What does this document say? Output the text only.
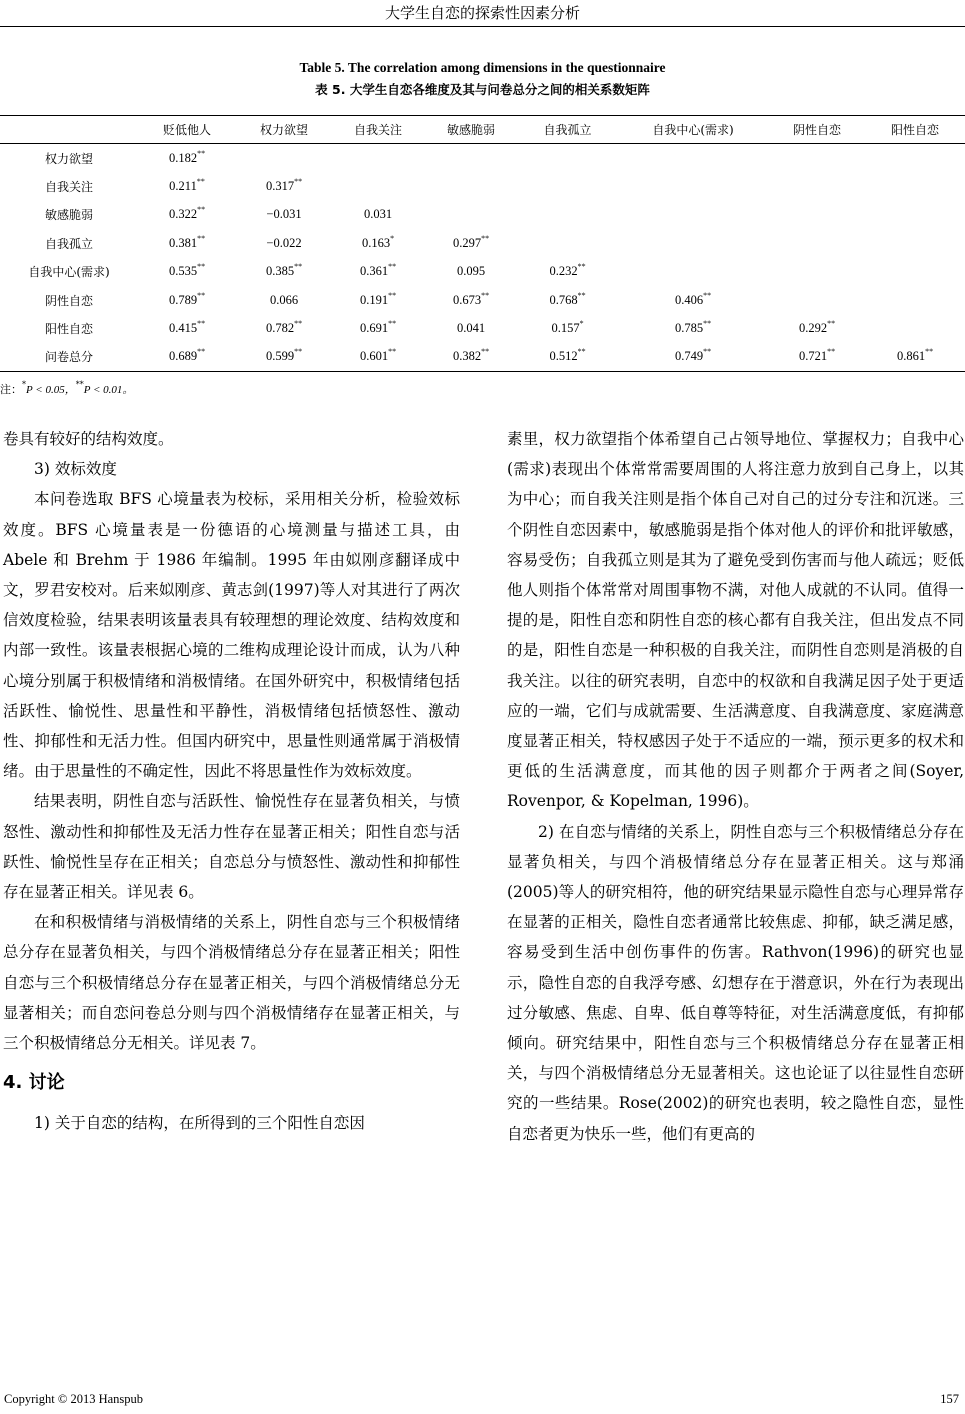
大学生自恋的探索性因素分析
Table 5. The correlation among dimensions in the questionnaire
表 5. 大学生自恋各维度及其与问卷总分之间的相关系数矩阵
	贬低他人	权力欲望	自我关注	敏感脆弱	自我孤立	自我中心(需求)	阴性自恋	阳性自恋
权力欲望	0.182**							
自我关注	0.211**	0.317**						
敏感脆弱	0.322**	−0.031	0.031					
自我孤立	0.381**	−0.022	0.163*	0.297**				
自我中心(需求)	0.535**	0.385**	0.361**	0.095	0.232**			
阴性自恋	0.789**	0.066	0.191**	0.673**	0.768**	0.406**		
阳性自恋	0.415**	0.782**	0.691**	0.041	0.157*	0.785**	0.292**	
问卷总分	0.689**	0.599**	0.601**	0.382**	0.512**	0.749**	0.721**	0.861**
注：*P < 0.05，**P < 0.01。

卷具有较好的结构效度。

3) 效标效度

本问卷选取 BFS 心境量表为校标，采用相关分析，检验效标效度。BFS 心境量表是一份德语的心境测量与描述工具，由 Abele 和 Brehm 于 1986 年编制。1995 年由姒刚彦翻译成中文，罗君安校对。后来姒刚彦、黄志剑(1997)等人对其进行了两次信效度检验，结果表明该量表具有较理想的理论效度、结构效度和内部一致性。该量表根据心境的二维构成理论设计而成，认为八种心境分别属于积极情绪和消极情绪。在国外研究中，积极情绪包括活跃性、愉悦性、思量性和平静性，消极情绪包括愤怒性、激动性、抑郁性和无活力性。但国内研究中，思量性则通常属于消极情绪。由于思量性的不确定性，因此不将思量性作为效标效度。

结果表明，阴性自恋与活跃性、愉悦性存在显著负相关，与愤怒性、激动性和抑郁性及无活力性存在显著正相关；阳性自恋与活跃性、愉悦性呈存在正相关；自恋总分与愤怒性、激动性和抑郁性存在显著正相关。详见表 6。

在和积极情绪与消极情绪的关系上，阴性自恋与三个积极情绪总分存在显著负相关，与四个消极情绪总分存在显著正相关；阳性自恋与三个积极情绪总分存在显著正相关，与四个消极情绪总分无显著相关；而自恋问卷总分则与四个消极情绪存在显著正相关，与三个积极情绪总分无相关。详见表 7。

4. 讨论

1) 关于自恋的结构，在所得到的三个阳性自恋因

素里，权力欲望指个体希望自己占领导地位、掌握权力；自我中心(需求)表现出个体常常需要周围的人将注意力放到自己身上，以其为中心；而自我关注则是指个体自己对自己的过分专注和沉迷。三个阴性自恋因素中，敏感脆弱是指个体对他人的评价和批评敏感，容易受伤；自我孤立则是其为了避免受到伤害而与他人疏远；贬低他人则指个体常常对周围事物不满，对他人成就的不认同。值得一提的是，阳性自恋和阴性自恋的核心都有自我关注，但出发点不同的是，阳性自恋是一种积极的自我关注，而阴性自恋则是消极的自我关注。以往的研究表明，自恋中的权欲和自我满足因子处于更适应的一端，它们与成就需要、生活满意度、自我满意度、家庭满意度显著正相关，特权感因子处于不适应的一端，预示更多的权术和更低的生活满意度，而其他的因子则都介于两者之间(Soyer, Rovenpor, & Kopelman, 1996)。

2) 在自恋与情绪的关系上，阴性自恋与三个积极情绪总分存在显著负相关，与四个消极情绪总分存在显著正相关。这与郑涌(2005)等人的研究相符，他的研究结果显示隐性自恋与心理异常存在显著的正相关，隐性自恋者通常比较焦虑、抑郁，缺乏满足感，容易受到生活中创伤事件的伤害。Rathvon(1996)的研究也显示，隐性自恋的自我浮夸感、幻想存在于潜意识，外在行为表现出过分敏感、焦虑、自卑、低自尊等特征，对生活满意度低，有抑郁倾向。研究结果中，阳性自恋与三个积极情绪总分存在显著正相关，与四个消极情绪总分无显著相关。这也论证了以往显性自恋研究的一些结果。Rose(2002)的研究也表明，较之隐性自恋，显性自恋者更为快乐一些，他们有更高的

Copyright © 2013 Hanspub	157
